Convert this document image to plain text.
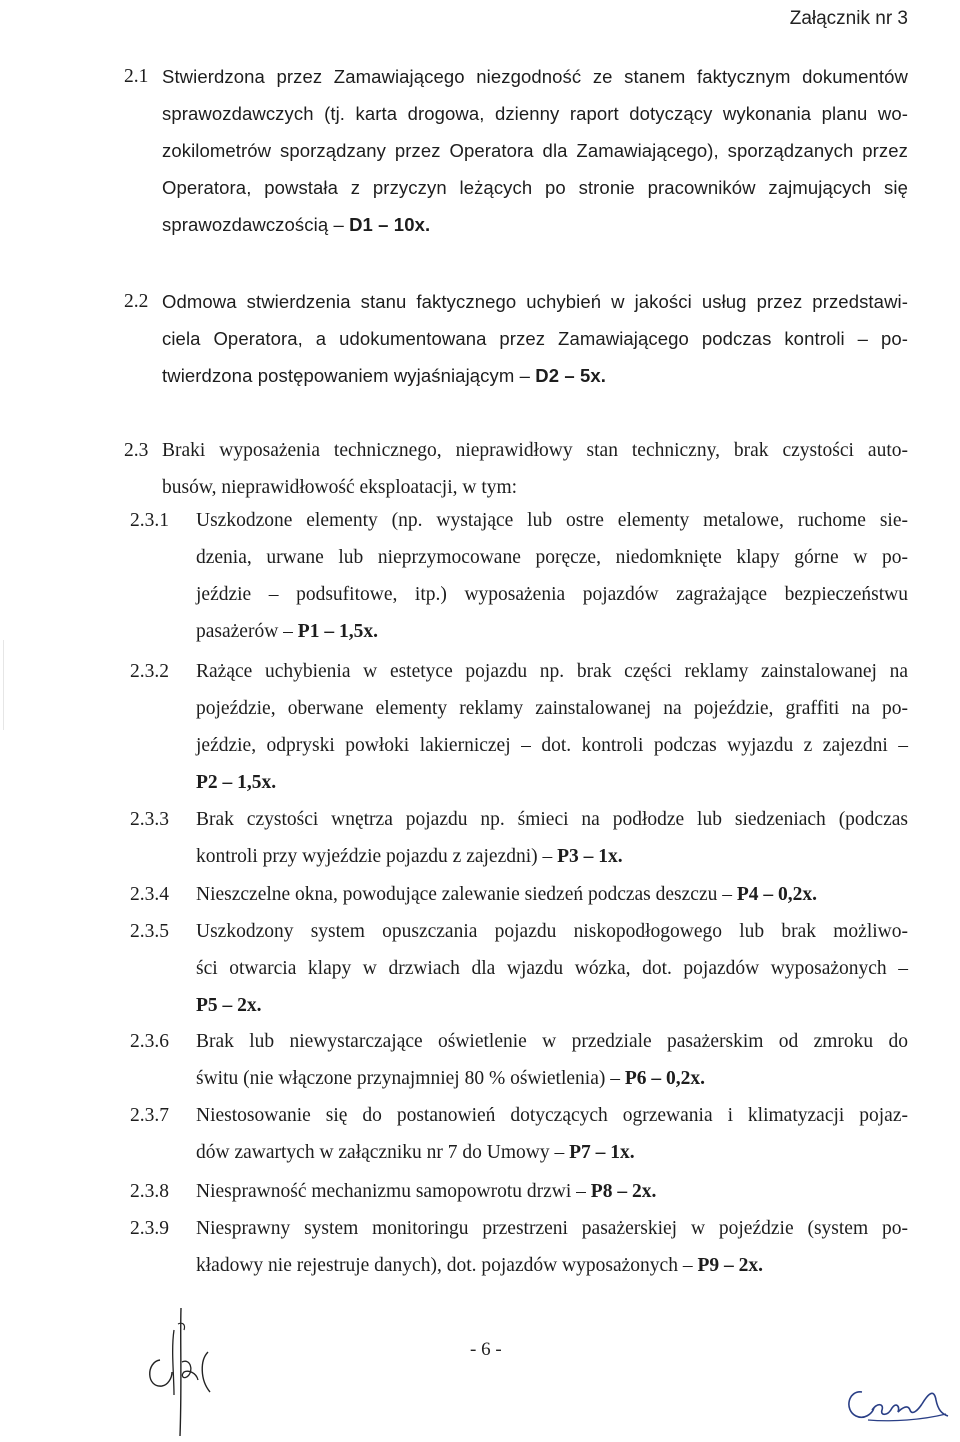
Załącznik nr 3
2.1 Stwierdzona przez Zamawiającego niezgodność ze stanem faktycznym dokumentów
sprawozdawczych (tj. karta drogowa, dzienny raport dotyczący wykonania planu wo-
zokilometrów sporządzany przez Operatora dla Zamawiającego), sporządzanych przez
Operatora, powstała z przyczyn leżących po stronie pracowników zajmujących się
sprawozdawczością – D1 – 10x.
2.2 Odmowa stwierdzenia stanu faktycznego uchybień w jakości usług przez przedstawi-
ciela Operatora, a udokumentowana przez Zamawiającego podczas kontroli – po-
twierdzona postępowaniem wyjaśniającym – D2 – 5x.
2.3 Braki wyposażenia technicznego, nieprawidłowy stan techniczny, brak czystości auto-
busów, nieprawidłowość eksploatacji, w tym:
2.3.1 Uszkodzone elementy (np. wystające lub ostre elementy metalowe, ruchome sie-
dzenia, urwane lub nieprzymocowane poręcze, niedomknięte klapy górne w po-
jeździe – podsufitowe, itp.) wyposażenia pojazdów zagrażające bezpieczeństwu
pasażerów – P1 – 1,5x.
2.3.2 Rażące uchybienia w estetyce pojazdu np. brak części reklamy zainstalowanej na
pojeździe, oberwane elementy reklamy zainstalowanej na pojeździe, graffiti na po-
jeździe, odpryski powłoki lakierniczej – dot. kontroli podczas wyjazdu z zajezdni –
P2 – 1,5x.
2.3.3 Brak czystości wnętrza pojazdu np. śmieci na podłodze lub siedzeniach (podczas
kontroli przy wyjeździe pojazdu z zajezdni) – P3 – 1x.
2.3.4 Nieszczelne okna, powodujące zalewanie siedzeń podczas deszczu – P4 – 0,2x.
2.3.5 Uszkodzony system opuszczania pojazdu niskopodłogowego lub brak możliwo-
ści otwarcia klapy w drzwiach dla wjazdu wózka, dot. pojazdów wyposażonych –
P5 – 2x.
2.3.6 Brak lub niewystarczające oświetlenie w przedziale pasażerskim od zmroku do
świtu (nie włączone przynajmniej 80 % oświetlenia) – P6 – 0,2x.
2.3.7 Niestosowanie się do postanowień dotyczących ogrzewania i klimatyzacji pojaz-
dów zawartych w załączniku nr 7 do Umowy – P7 – 1x.
2.3.8 Niesprawność mechanizmu samopowrotu drzwi – P8 – 2x.
2.3.9 Niesprawny system monitoringu przestrzeni pasażerskiej w pojeździe (system po-
kładowy nie rejestruje danych), dot. pojazdów wyposażonych – P9 – 2x.
- 6 -
